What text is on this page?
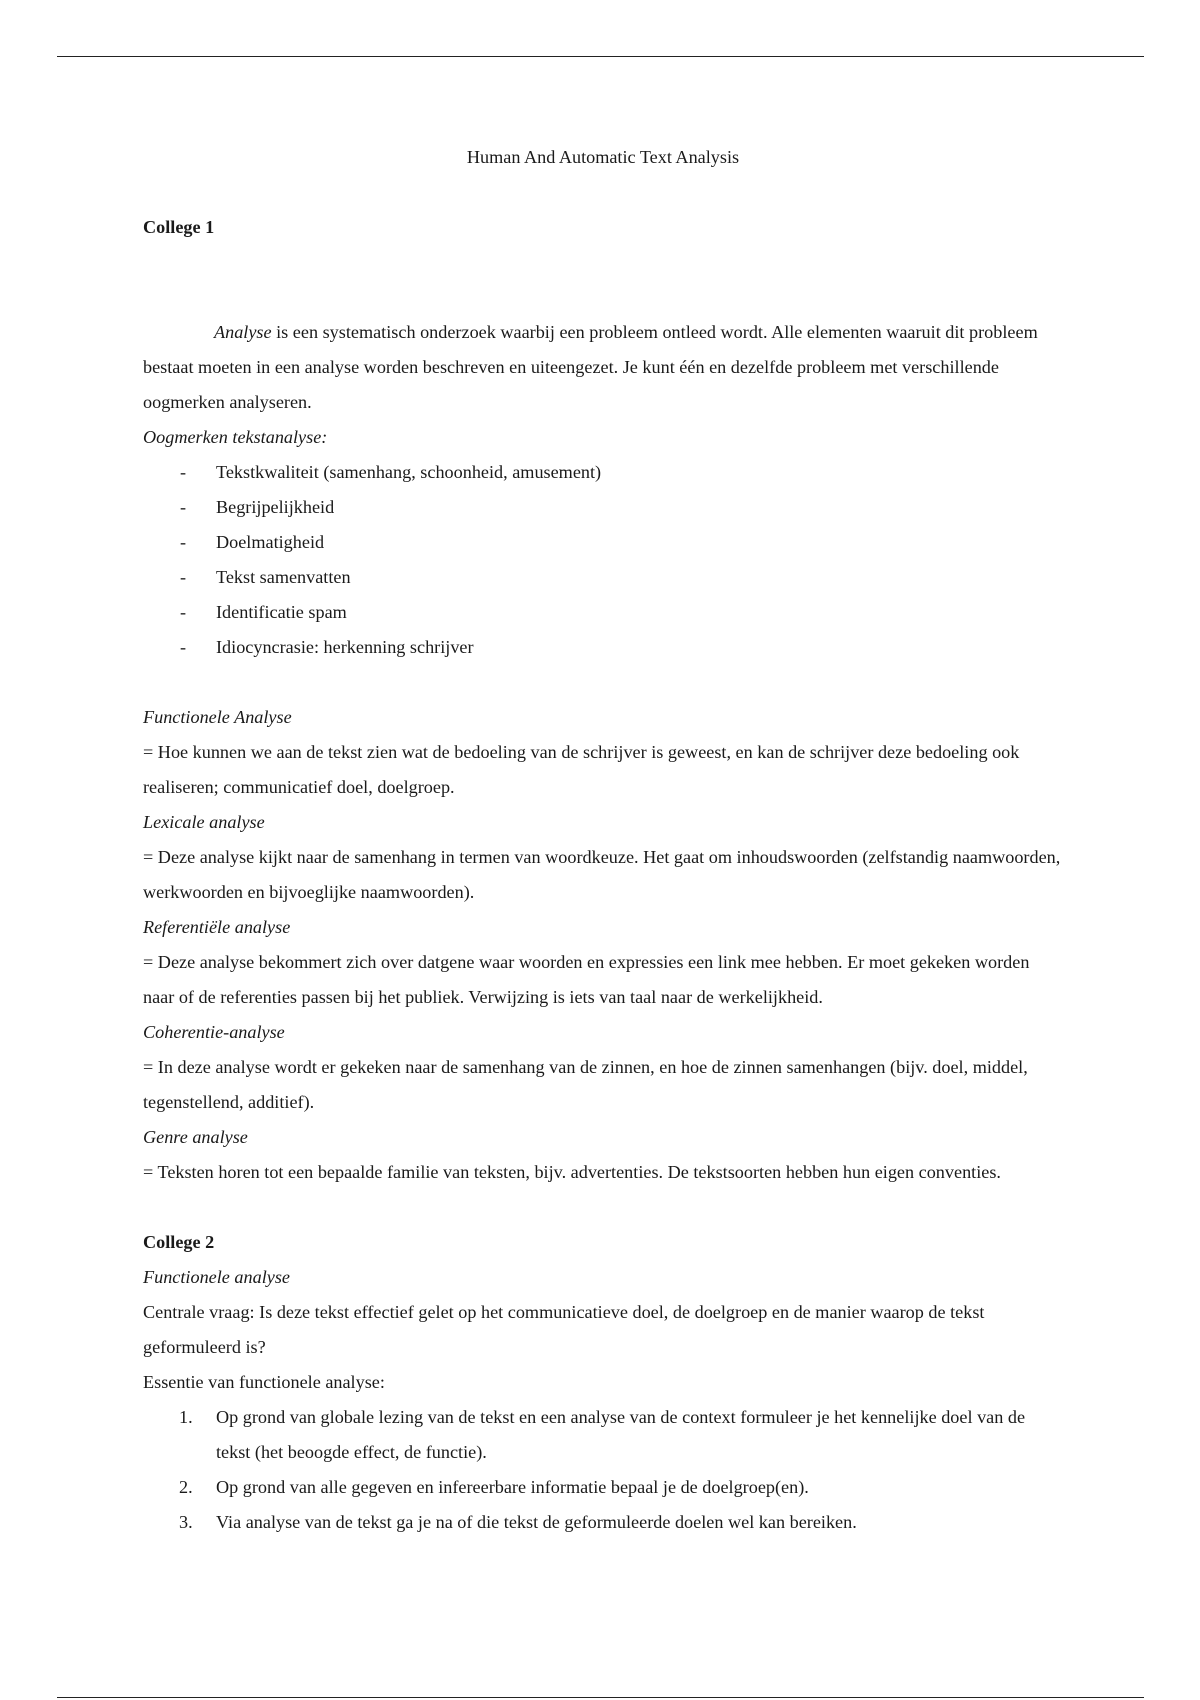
Human And Automatic Text Analysis

College 1

Analyse is een systematisch onderzoek waarbij een probleem ontleed wordt. Alle elementen waaruit dit probleem bestaat moeten in een analyse worden beschreven en uiteengezet. Je kunt één en dezelfde probleem met verschillende oogmerken analyseren.

Oogmerken tekstanalyse:

- Tekstkwaliteit (samenhang, schoonheid, amusement)
- Begrijpelijkheid
- Doelmatigheid
- Tekst samenvatten
- Identificatie spam
- Idiocyncrasie: herkenning schrijver

Functionele Analyse

= Hoe kunnen we aan de tekst zien wat de bedoeling van de schrijver is geweest, en kan de schrijver deze bedoeling ook realiseren; communicatief doel, doelgroep.

Lexicale analyse

= Deze analyse kijkt naar de samenhang in termen van woordkeuze. Het gaat om inhoudswoorden (zelfstandig naamwoorden, werkwoorden en bijvoeglijke naamwoorden).

Referentiële analyse

= Deze analyse bekommert zich over datgene waar woorden en expressies een link mee hebben. Er moet gekeken worden naar of de referenties passen bij het publiek. Verwijzing is iets van taal naar de werkelijkheid.

Coherentie-analyse

= In deze analyse wordt er gekeken naar de samenhang van de zinnen, en hoe de zinnen samenhangen (bijv. doel, middel, tegenstellend, additief).

Genre analyse

= Teksten horen tot een bepaalde familie van teksten, bijv. advertenties. De tekstsoorten hebben hun eigen conventies.

College 2

Functionele analyse

Centrale vraag: Is deze tekst effectief gelet op het communicatieve doel, de doelgroep en de manier waarop de tekst geformuleerd is?

Essentie van functionele analyse:

1. Op grond van globale lezing van de tekst en een analyse van de context formuleer je het kennelijke doel van de tekst (het beoogde effect, de functie).
2. Op grond van alle gegeven en infereerbare informatie bepaal je de doelgroep(en).
3. Via analyse van de tekst ga je na of die tekst de geformuleerde doelen wel kan bereiken.
